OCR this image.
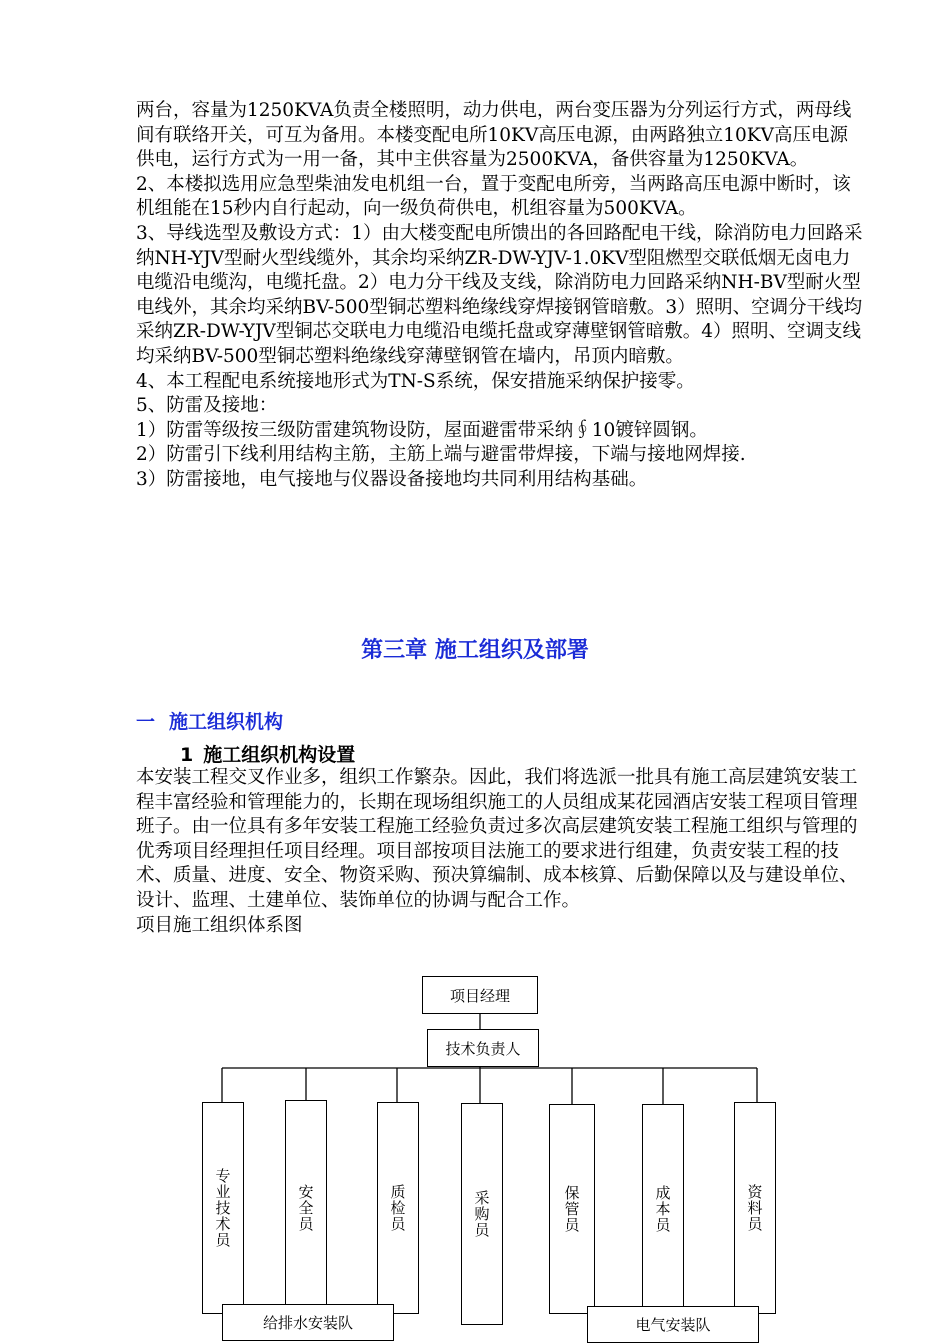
两台，容量为1250KVA负责全楼照明，动力供电，两台变压器为分列运行方式，两母线间有联络开关，可互为备用。本楼变配电所10KV高压电源，由两路独立10KV高压电源供电，运行方式为一用一备，其中主供容量为2500KVA，备供容量为1250KVA。

2、本楼拟选用应急型柴油发电机组一台，置于变配电所旁，当两路高压电源中断时，该机组能在15秒内自行起动，向一级负荷供电，机组容量为500KVA。

3、导线选型及敷设方式：1）由大楼变配电所馈出的各回路配电干线，除消防电力回路采纳NH-YJV型耐火型线缆外，其余均采纳ZR-DW-YJV-1.0KV型阻燃型交联低烟无卤电力电缆沿电缆沟，电缆托盘。2）电力分干线及支线，除消防电力回路采纳NH-BV型耐火型电线外，其余均采纳BV-500型铜芯塑料绝缘线穿焊接钢管暗敷。3）照明、空调分干线均采纳ZR-DW-YJV型铜芯交联电力电缆沿电缆托盘或穿薄壁钢管暗敷。4）照明、空调支线均采纳BV-500型铜芯塑料绝缘线穿薄壁钢管在墙内，吊顶内暗敷。

4、本工程配电系统接地形式为TN-S系统，保安措施采纳保护接零。

5、防雷及接地：

1）防雷等级按三级防雷建筑物设防，屋面避雷带采纳∮10镀锌圆钢。

2）防雷引下线利用结构主筋，主筋上端与避雷带焊接，下端与接地网焊接.

3）防雷接地，电气接地与仪器设备接地均共同利用结构基础。

第三章 施工组织及部署
一 施工组织机构
1 施工组织机构设置

本安装工程交叉作业多，组织工作繁杂。因此，我们将选派一批具有施工高层建筑安装工程丰富经验和管理能力的，长期在现场组织施工的人员组成某花园酒店安装工程项目管理班子。由一位具有多年安装工程施工经验负责过多次高层建筑安装工程施工组织与管理的优秀项目经理担任项目经理。项目部按项目法施工的要求进行组建，负责安装工程的技术、质量、进度、安全、物资采购、预决算编制、成本核算、后勤保障以及与建设单位、设计、监理、土建单位、装饰单位的协调与配合工作。

项目施工组织体系图

项目经理
技术负责人
专业技术员	安全员	质检员	采购员	保管员	成本员	资料员
给排水安装队	电气安装队
